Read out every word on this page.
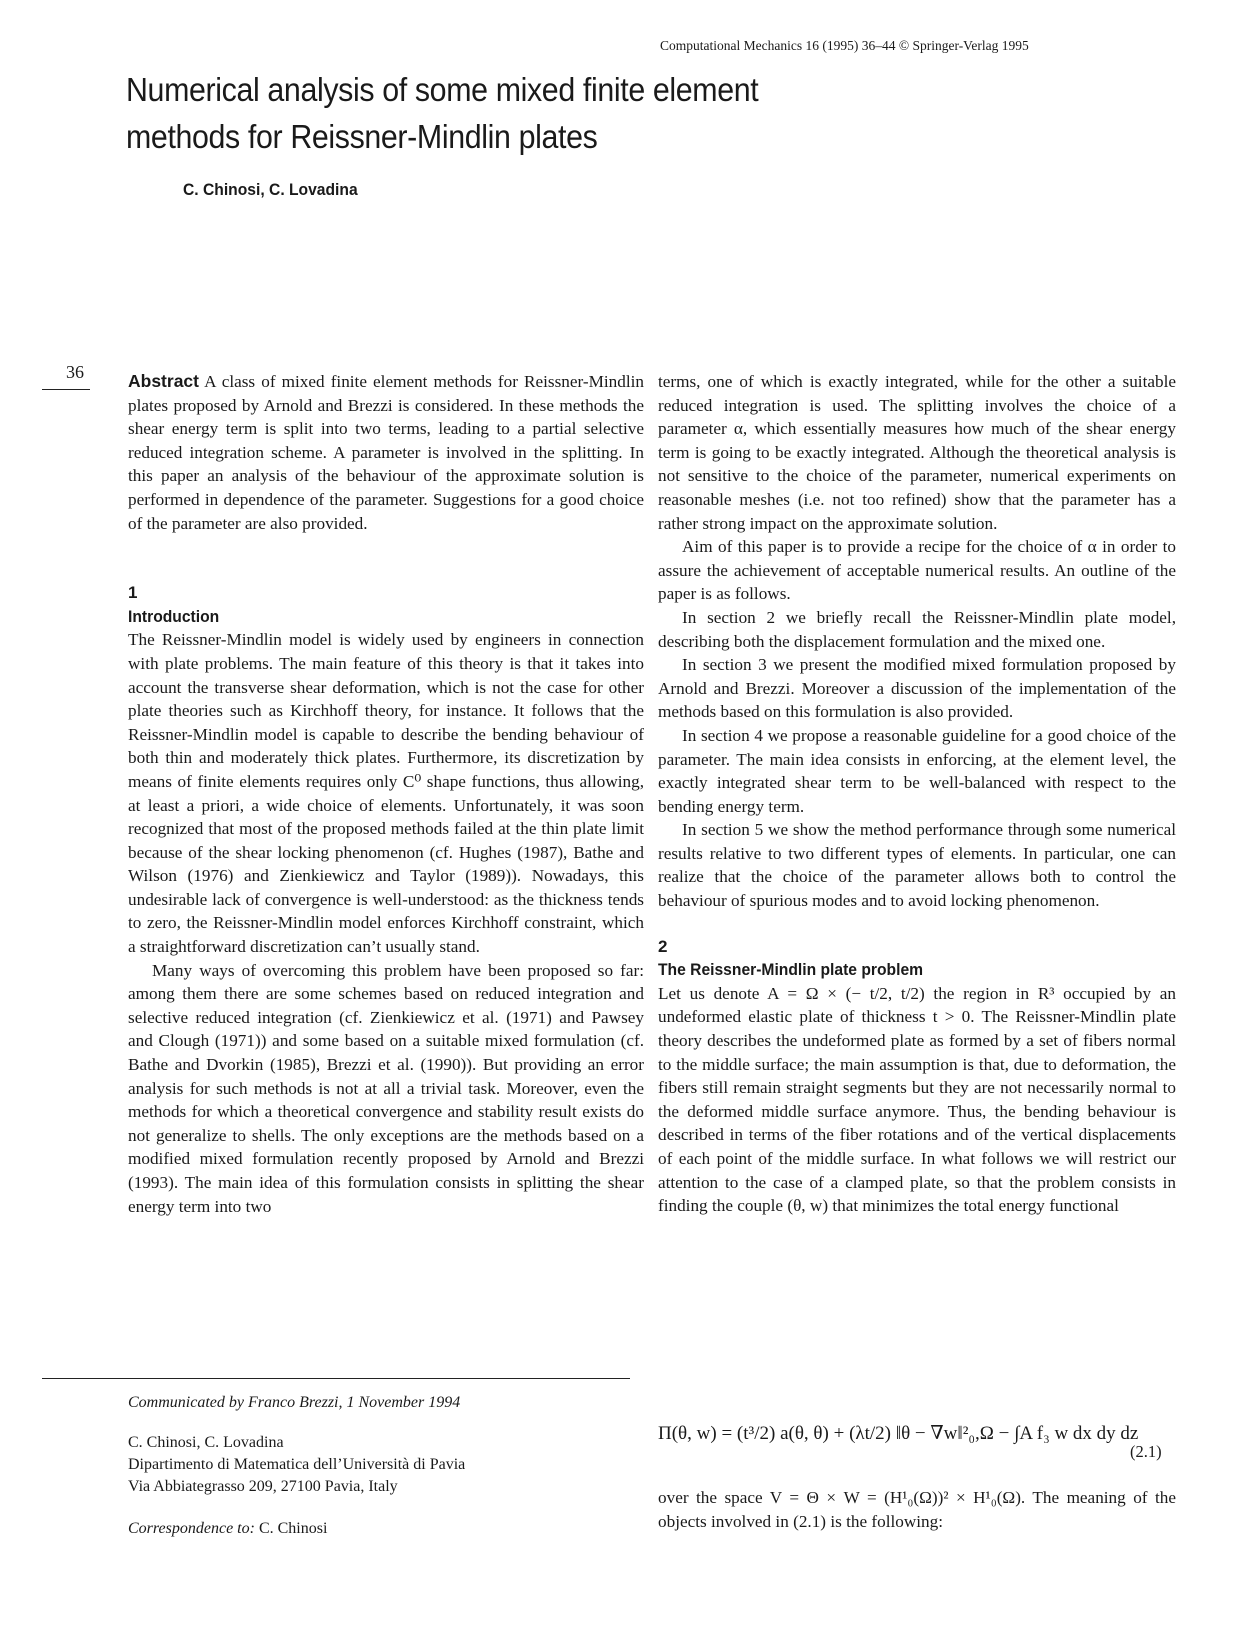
Computational Mechanics 16 (1995) 36–44 © Springer-Verlag 1995
Numerical analysis of some mixed finite element
methods for Reissner-Mindlin plates
C. Chinosi, C. Lovadina
36	Abstract A class of mixed finite element methods for Reissner-Mindlin plates proposed by Arnold and Brezzi is considered. In these methods the shear energy term is split into two terms, leading to a partial selective reduced integration scheme. A parameter is involved in the splitting. In this paper an analysis of the behaviour of the approximate solution is performed in dependence of the parameter. Suggestions for a good choice of the parameter are also provided.

1
Introduction

The Reissner-Mindlin model is widely used by engineers in connection with plate problems. The main feature of this theory is that it takes into account the transverse shear deformation, which is not the case for other plate theories such as Kirchhoff theory, for instance. It follows that the Reissner-Mindlin model is capable to describe the bending behaviour of both thin and moderately thick plates. Furthermore, its discretization by means of finite elements requires only C⁰ shape functions, thus allowing, at least a priori, a wide choice of elements. Unfortunately, it was soon recognized that most of the proposed methods failed at the thin plate limit because of the shear locking phenomenon (cf. Hughes (1987), Bathe and Wilson (1976) and Zienkiewicz and Taylor (1989)). Nowadays, this undesirable lack of convergence is well-understood: as the thickness tends to zero, the Reissner-Mindlin model enforces Kirchhoff constraint, which a straightforward discretization can’t usually stand.

Many ways of overcoming this problem have been proposed so far: among them there are some schemes based on reduced integration and selective reduced integration (cf. Zienkiewicz et al. (1971) and Pawsey and Clough (1971)) and some based on a suitable mixed formulation (cf. Bathe and Dvorkin (1985), Brezzi et al. (1990)). But providing an error analysis for such methods is not at all a trivial task. Moreover, even the methods for which a theoretical convergence and stability result exists do not generalize to shells. The only exceptions are the methods based on a modified mixed formulation recently proposed by Arnold and Brezzi (1993). The main idea of this formulation consists in splitting the shear energy term into two

terms, one of which is exactly integrated, while for the other a suitable reduced integration is used. The splitting involves the choice of a parameter α, which essentially measures how much of the shear energy term is going to be exactly integrated. Although the theoretical analysis is not sensitive to the choice of the parameter, numerical experiments on reasonable meshes (i.e. not too refined) show that the parameter has a rather strong impact on the approximate solution.

Aim of this paper is to provide a recipe for the choice of α in order to assure the achievement of acceptable numerical results. An outline of the paper is as follows.

In section 2 we briefly recall the Reissner-Mindlin plate model, describing both the displacement formulation and the mixed one.

In section 3 we present the modified mixed formulation proposed by Arnold and Brezzi. Moreover a discussion of the implementation of the methods based on this formulation is also provided.

In section 4 we propose a reasonable guideline for a good choice of the parameter. The main idea consists in enforcing, at the element level, the exactly integrated shear term to be well-balanced with respect to the bending energy term.

In section 5 we show the method performance through some numerical results relative to two different types of elements. In particular, one can realize that the choice of the parameter allows both to control the behaviour of spurious modes and to avoid locking phenomenon.

2
The Reissner-Mindlin plate problem

Let us denote A = Ω × (− t/2, t/2) the region in R³ occupied by an undeformed elastic plate of thickness t > 0. The Reissner-Mindlin plate theory describes the undeformed plate as formed by a set of fibers normal to the middle surface; the main assumption is that, due to deformation, the fibers still remain straight segments but they are not necessarily normal to the deformed middle surface anymore. Thus, the bending behaviour is described in terms of the fiber rotations and of the vertical displacements of each point of the middle surface. In what follows we will restrict our attention to the case of a clamped plate, so that the problem consists in finding the couple (θ, w) that minimizes the total energy functional

Π(θ, w) = (t³/2) a(θ, θ) + (λt/2) ‖θ − ∇w‖²₀,Ω − ∫A f₃ w dx dy dz
(2.1)

over the space V = Θ × W = (H¹₀(Ω))² × H¹₀(Ω). The meaning of the objects involved in (2.1) is the following:

Communicated by Franco Brezzi, 1 November 1994
C. Chinosi, C. Lovadina
Dipartimento di Matematica dell’Università di Pavia
Via Abbiategrasso 209, 27100 Pavia, Italy
Correspondence to: C. Chinosi
